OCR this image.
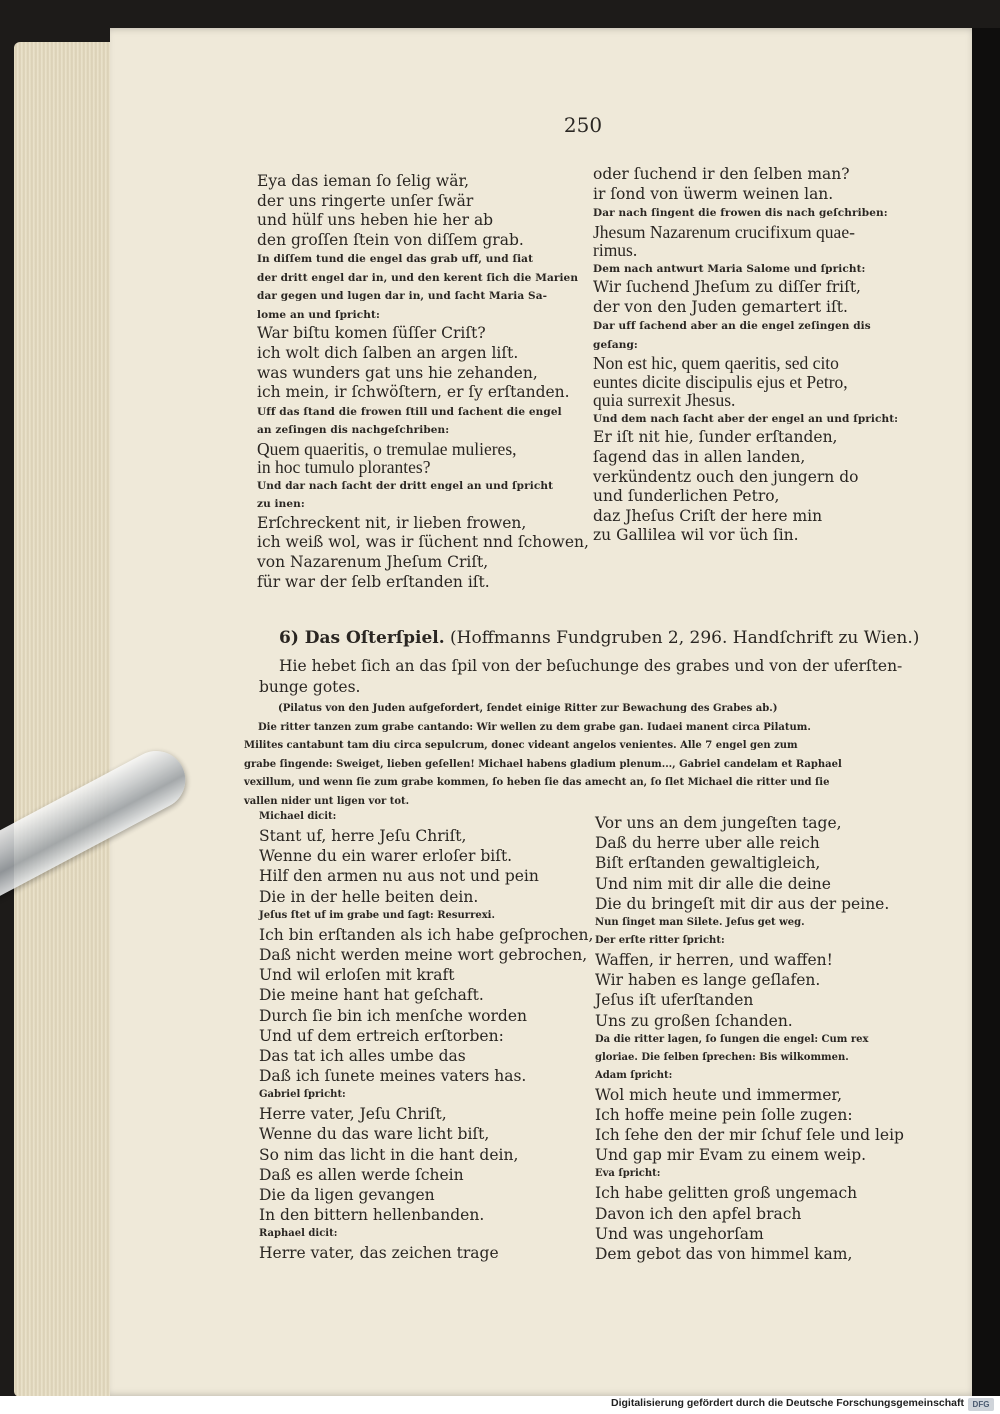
250
Eya das ieman ſo ſelig wär,
der uns ringerte unſer ſwär
und hülf uns heben hie her ab
den groſſen ſtein von diſſem grab.
In diſſem tund die engel das grab uff, und ſiat
der dritt engel dar in, und den kerent ſich die Marien
dar gegen und lugen dar in, und ſacht Maria Sa-
lome an und ſpricht:
War biſtu komen ſüſſer Criſt?
ich wolt dich ſalben an argen liſt.
was wunders gat uns hie zehanden,
ich mein, ir ſchwöſtern, er ſy erſtanden.
Uff das ſtand die frowen ſtill und ſachent die engel
an zeſingen dis nachgeſchriben:
Quem quaeritis, o tremulae mulieres,
in hoc tumulo plorantes?
Und dar nach ſacht der dritt engel an und ſpricht
zu inen:
Erſchreckent nit, ir lieben frowen,
ich weiß wol, was ir ſüchent nnd ſchowen,
von Nazarenum Jheſum Criſt,
für war der ſelb erſtanden iſt.
oder ſuchend ir den ſelben man?
ir ſond von üwerm weinen lan.
Dar nach ſingent die frowen dis nach geſchriben:
Jhesum Nazarenum crucifixum quae-
rimus.
Dem nach antwurt Maria Salome und ſpricht:
Wir ſuchend Jheſum zu diſſer friſt,
der von den Juden gemartert iſt.
Dar uff ſachend aber an die engel zeſingen dis
geſang:
Non est hic, quem qaeritis, sed cito
euntes dicite discipulis ejus et Petro,
quia surrexit Jhesus.
Und dem nach ſacht aber der engel an und ſpricht:
Er iſt nit hie, ſunder erſtanden,
ſagend das in allen landen,
verkündentz ouch den jungern do
und ſunderlichen Petro,
daz Jheſus Criſt der here min
zu Gallilea wil vor üch ſin.
6) Das Oſterſpiel. (Hoffmanns Fundgruben 2, 296. Handſchrift zu Wien.)
Hie hebet ſich an das ſpil von der beſuchunge des grabes und von der uferſten-
bunge gotes.
(Pilatus von den Juden aufgefordert, ſendet einige Ritter zur Bewachung des Grabes ab.)
Die ritter tanzen zum grabe cantando: Wir wellen zu dem grabe gan. Iudaei manent circa Pilatum.
Milites cantabunt tam diu circa sepulcrum, donec videant angelos venientes. Alle 7 engel gen zum
grabe ſingende: Sweiget, lieben geſellen! Michael habens gladium plenum..., Gabriel candelam et Raphael
vexillum, und wenn ſie zum grabe kommen, ſo heben ſie das amecht an, ſo ſlet Michael die ritter und ſie
vallen nider unt ligen vor tot.
Michael dicit:
Stant uf, herre Jeſu Chriſt,
Wenne du ein warer erloſer biſt.
Hilf den armen nu aus not und pein
Die in der helle beiten dein.
Jeſus ſtet uf im grabe und ſagt: Resurrexi.
Ich bin erſtanden als ich habe geſprochen,
Daß nicht werden meine wort gebrochen,
Und wil erloſen mit kraft
Die meine hant hat geſchaft.
Durch ſie bin ich menſche worden
Und uf dem ertreich erſtorben:
Das tat ich alles umbe das
Daß ich ſunete meines vaters has.
Gabriel ſpricht:
Herre vater, Jeſu Chriſt,
Wenne du das ware licht biſt,
So nim das licht in die hant dein,
Daß es allen werde ſchein
Die da ligen gevangen
In den bittern hellenbanden.
Raphael dicit:
Herre vater, das zeichen trage
Vor uns an dem jungeſten tage,
Daß du herre uber alle reich
Biſt erſtanden gewaltigleich,
Und nim mit dir alle die deine
Die du bringeſt mit dir aus der peine.
Nun ſinget man Silete. Jeſus get weg.
Der erſte ritter ſpricht:
Waffen, ir herren, und waffen!
Wir haben es lange geſlafen.
Jeſus iſt uferſtanden
Uns zu großen ſchanden.
Da die ritter lagen, ſo ſungen die engel: Cum rex
gloriae. Die ſelben ſprechen: Bis wilkommen.
Adam ſpricht:
Wol mich heute und immermer,
Ich hoffe meine pein ſolle zugen:
Ich ſehe den der mir ſchuf ſele und leip
Und gap mir Evam zu einem weip.
Eva ſpricht:
Ich habe gelitten groß ungemach
Davon ich den apfel brach
Und was ungehorſam
Dem gebot das von himmel kam,
Digitalisierung gefördert durch die Deutsche Forschungsgemeinschaft	DFG
